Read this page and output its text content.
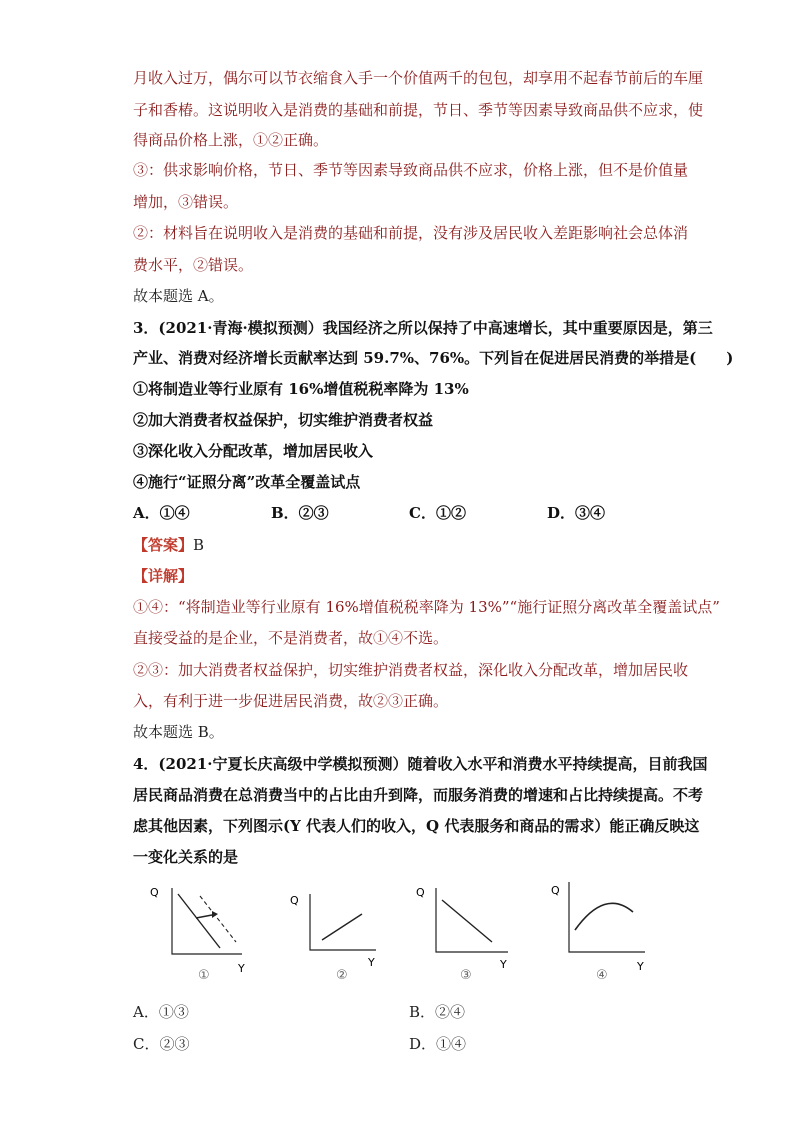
月收入过万，偶尔可以节衣缩食入手一个价值两千的包包，却享用不起春节前后的车厘
子和香椿。这说明收入是消费的基础和前提，节日、季节等因素导致商品供不应求，使
得商品价格上涨，①②正确。
③：供求影响价格，节日、季节等因素导致商品供不应求，价格上涨，但不是价值量
增加，③错误。
②：材料旨在说明收入是消费的基础和前提，没有涉及居民收入差距影响社会总体消
费水平，②错误。
故本题选 A。
3．(2021·青海·模拟预测）我国经济之所以保持了中高速增长，其中重要原因是，第三
产业、消费对经济增长贡献率达到 59.7%、76%。下列旨在促进居民消费的举措是(　　)
①将制造业等行业原有 16%增值税税率降为 13%
②加大消费者权益保护，切实维护消费者权益
③深化收入分配改革，增加居民收入
④施行“证照分离”改革全覆盖试点
A．①④	B．②③	C．①②	D．③④
【答案】B
【详解】
①④：“将制造业等行业原有 16%增值税税率降为 13%”“施行证照分离改革全覆盖试点”
直接受益的是企业，不是消费者，故①④不选。
②③：加大消费者权益保护，切实维护消费者权益，深化收入分配改革，增加居民收
入，有利于进一步促进居民消费，故②③正确。
故本题选 B。
4．(2021·宁夏长庆高级中学模拟预测）随着收入水平和消费水平持续提高，目前我国
居民商品消费在总消费当中的占比由升到降，而服务消费的增速和占比持续提高。不考
虑其他因素，下列图示(Y 代表人们的收入，Q 代表服务和商品的需求）能正确反映这
一变化关系的是
Q
Y
①
Q
Y
②
Q
Y
③
Q
Y
④
A．①③	B．②④
C．②③	D．①④
